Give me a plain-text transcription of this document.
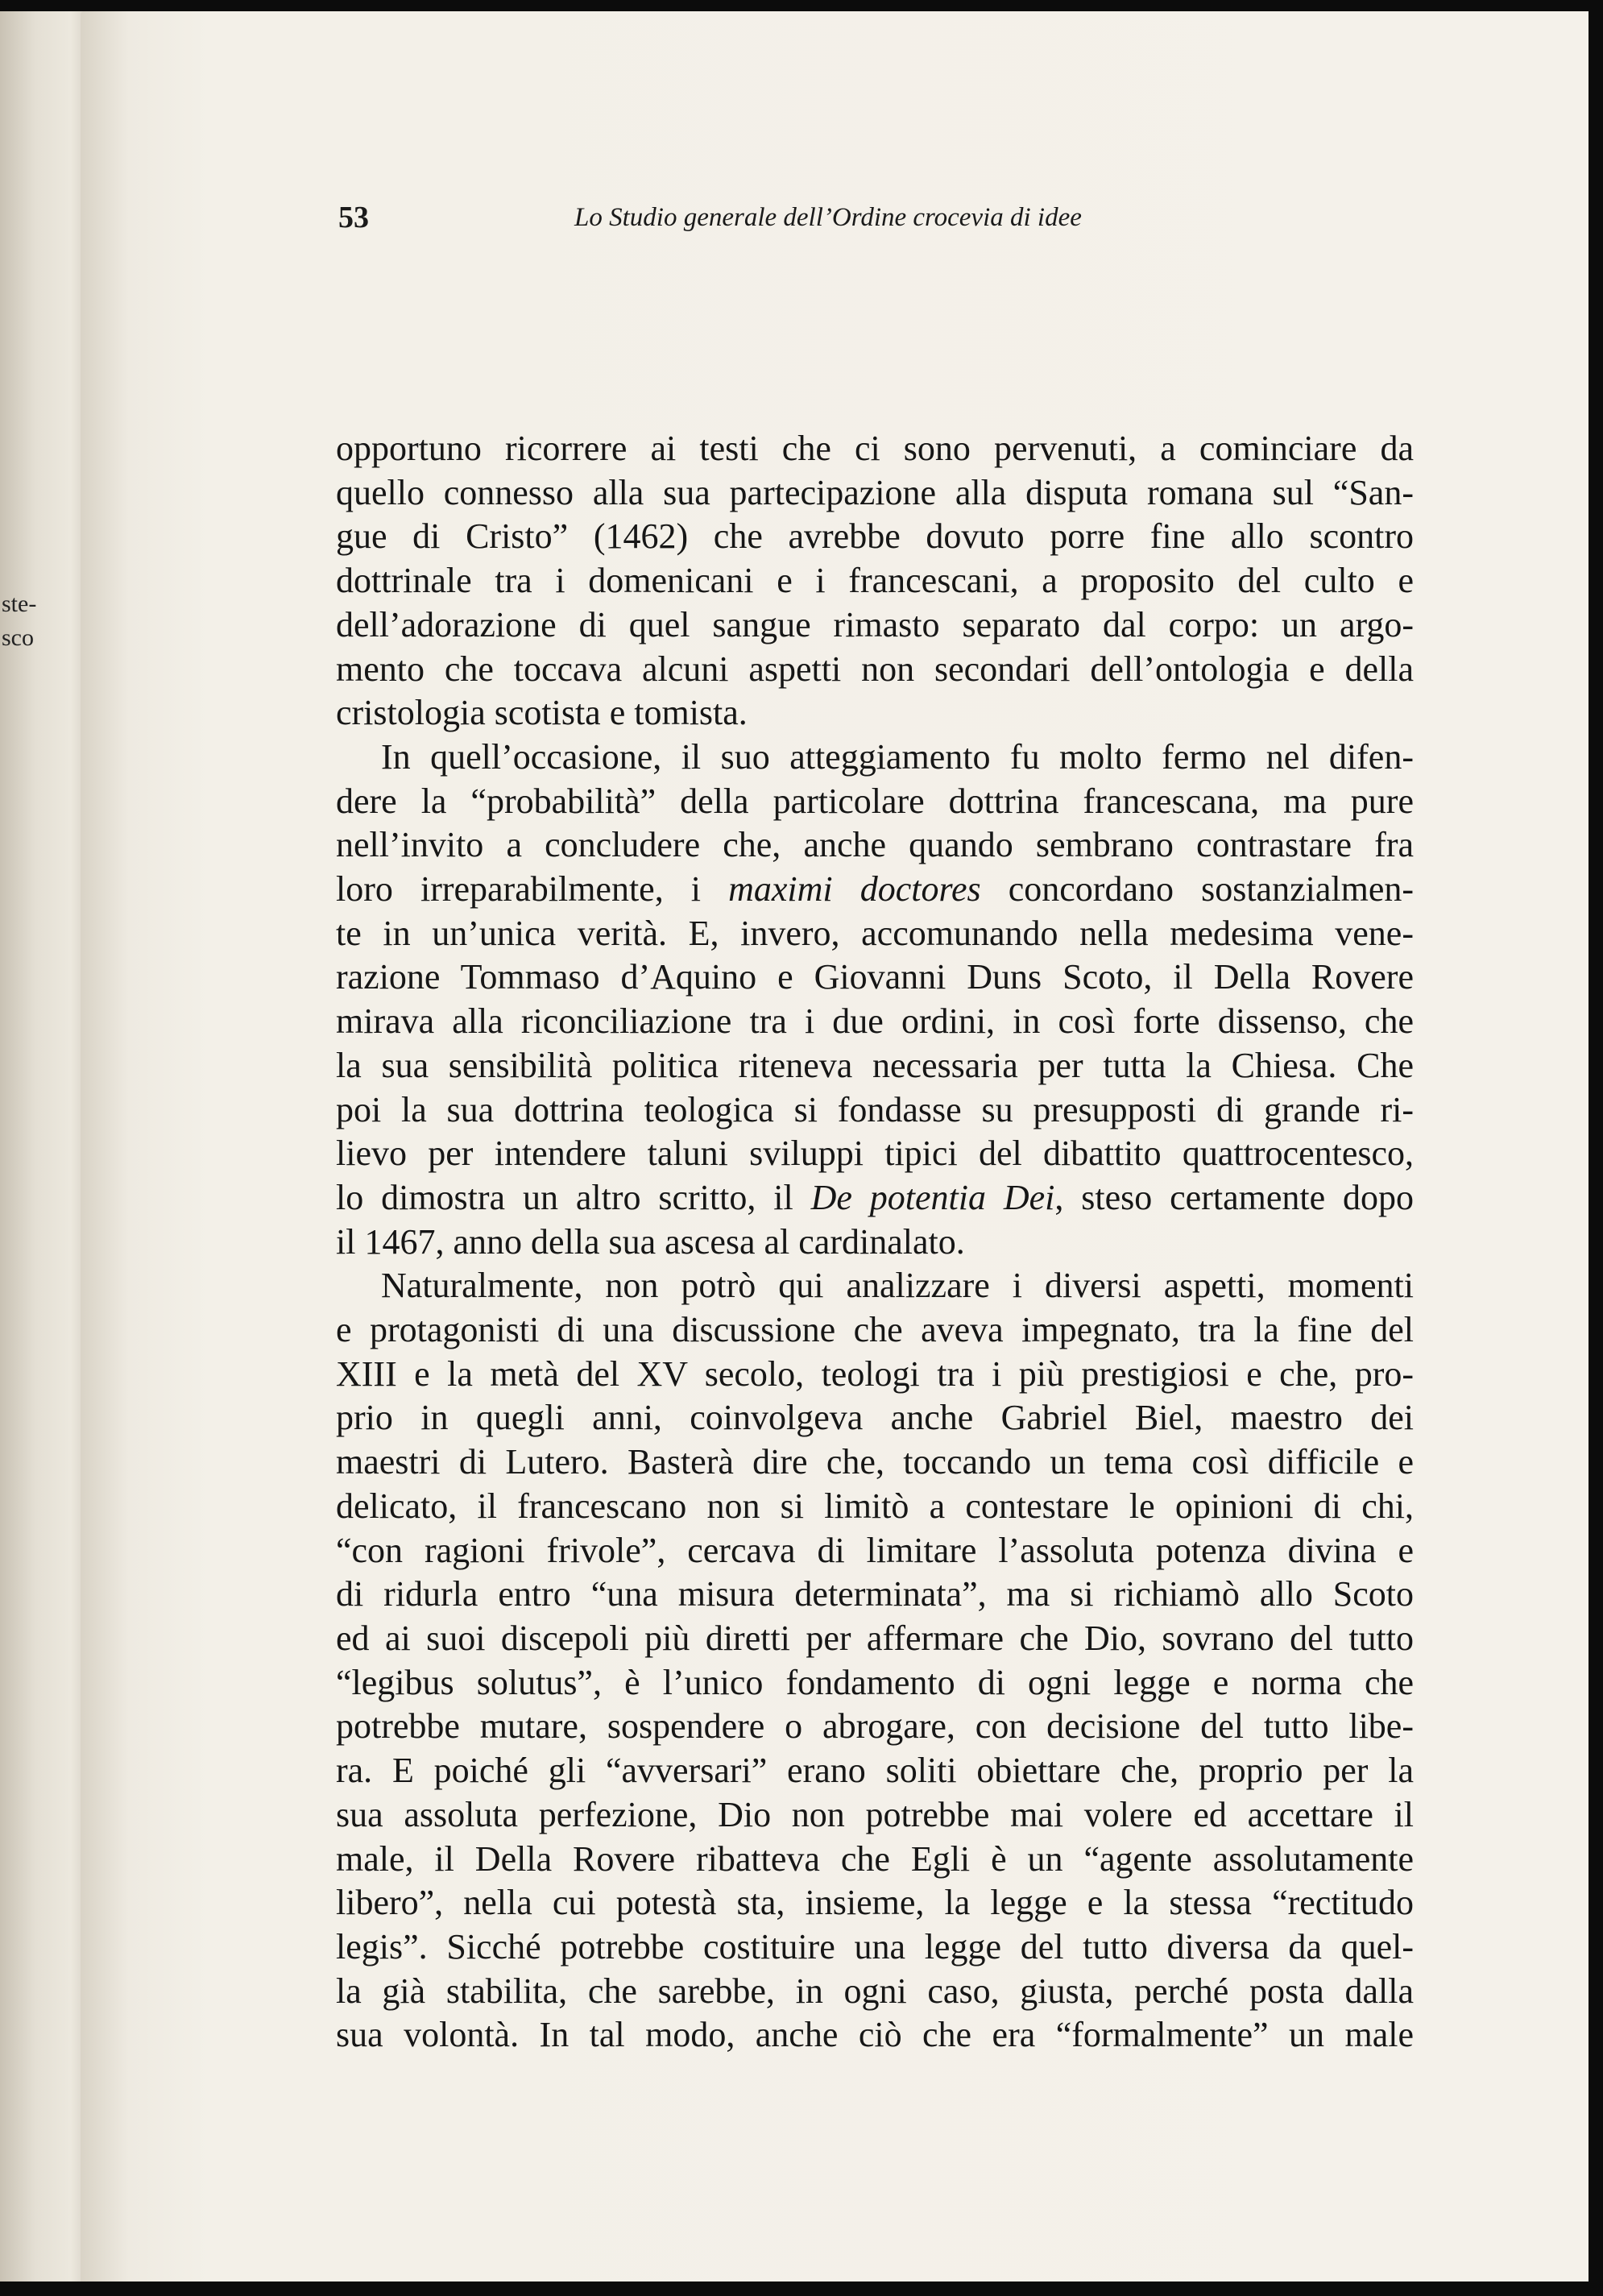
ste-
sco
53	Lo Studio generale dell’Ordine crocevia di idee

opportuno ricorrere ai testi che ci sono pervenuti, a cominciare da
quello connesso alla sua partecipazione alla disputa romana sul “San-
gue di Cristo” (1462) che avrebbe dovuto porre fine allo scontro
dottrinale tra i domenicani e i francescani, a proposito del culto e
dell’adorazione di quel sangue rimasto separato dal corpo: un argo-
mento che toccava alcuni aspetti non secondari dell’ontologia e della
cristologia scotista e tomista.

In quell’occasione, il suo atteggiamento fu molto fermo nel difen-
dere la “probabilità” della particolare dottrina francescana, ma pure
nell’invito a concludere che, anche quando sembrano contrastare fra
loro irreparabilmente, i maximi doctores concordano sostanzialmen-
te in un’unica verità. E, invero, accomunando nella medesima vene-
razione Tommaso d’Aquino e Giovanni Duns Scoto, il Della Rovere
mirava alla riconciliazione tra i due ordini, in così forte dissenso, che
la sua sensibilità politica riteneva necessaria per tutta la Chiesa. Che
poi la sua dottrina teologica si fondasse su presupposti di grande ri-
lievo per intendere taluni sviluppi tipici del dibattito quattrocentesco,
lo dimostra un altro scritto, il De potentia Dei, steso certamente dopo
il 1467, anno della sua ascesa al cardinalato.

Naturalmente, non potrò qui analizzare i diversi aspetti, momenti
e protagonisti di una discussione che aveva impegnato, tra la fine del
XIII e la metà del XV secolo, teologi tra i più prestigiosi e che, pro-
prio in quegli anni, coinvolgeva anche Gabriel Biel, maestro dei
maestri di Lutero. Basterà dire che, toccando un tema così difficile e
delicato, il francescano non si limitò a contestare le opinioni di chi,
“con ragioni frivole”, cercava di limitare l’assoluta potenza divina e
di ridurla entro “una misura determinata”, ma si richiamò allo Scoto
ed ai suoi discepoli più diretti per affermare che Dio, sovrano del tutto
“legibus solutus”, è l’unico fondamento di ogni legge e norma che
potrebbe mutare, sospendere o abrogare, con decisione del tutto libe-
ra. E poiché gli “avversari” erano soliti obiettare che, proprio per la
sua assoluta perfezione, Dio non potrebbe mai volere ed accettare il
male, il Della Rovere ribatteva che Egli è un “agente assolutamente
libero”, nella cui potestà sta, insieme, la legge e la stessa “rectitudo
legis”. Sicché potrebbe costituire una legge del tutto diversa da quel-
la già stabilita, che sarebbe, in ogni caso, giusta, perché posta dalla
sua volontà. In tal modo, anche ciò che era “formalmente” un male
